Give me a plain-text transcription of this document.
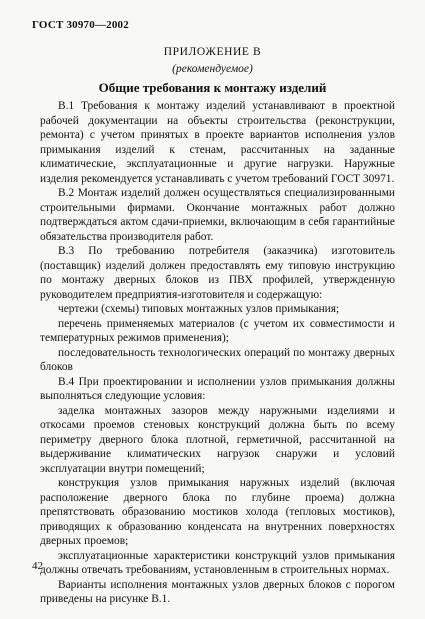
ГОСТ 30970—2002
ПРИЛОЖЕНИЕ В
(рекомендуемое)
Общие требования к монтажу изделий

В.1 Требования к монтажу изделий устанавливают в проектной рабочей документации на объекты строительства (реконструкции, ремонта) с учетом принятых в проекте вариантов исполнения узлов примыкания изделий к стенам, рассчитанных на заданные климатические, эксплуатационные и другие нагрузки. Наружные изделия рекомендуется устанавливать с учетом требований ГОСТ 30971.

В.2 Монтаж изделий должен осуществляться специализированными строительными фирмами. Окончание монтажных работ должно подтверждаться актом сдачи-приемки, включающим в себя гарантийные обязательства производителя работ.

В.3 По требованию потребителя (заказчика) изготовитель (поставщик) изделий должен предоставлять ему типовую инструкцию по монтажу дверных блоков из ПВХ профилей, утвержденную руководителем предприятия-изготовителя и содержащую:

чертежи (схемы) типовых монтажных узлов примыкания;

перечень применяемых материалов (с учетом их совместимости и температурных режимов применения);

последовательность технологических операций по монтажу дверных блоков

В.4 При проектировании и исполнении узлов примыкания должны выполняться следующие условия:

заделка монтажных зазоров между наружными изделиями и откосами проемов стеновых конструкций должна быть по всему периметру дверного блока плотной, герметичной, рассчитанной на выдерживание климатических нагрузок снаружи и условий эксплуатации внутри помещений;

конструкция узлов примыкания наружных изделий (включая расположение дверного блока по глубине проема) должна препятствовать образованию мостиков холода (тепловых мостиков), приводящих к образованию конденсата на внутренних поверхностях дверных проемов;

эксплуатационные характеристики конструкций узлов примыкания должны отвечать требованиям, установленным в строительных нормах.

Варианты исполнения монтажных узлов дверных блоков с порогом приведены на рисунке В.1.

42
